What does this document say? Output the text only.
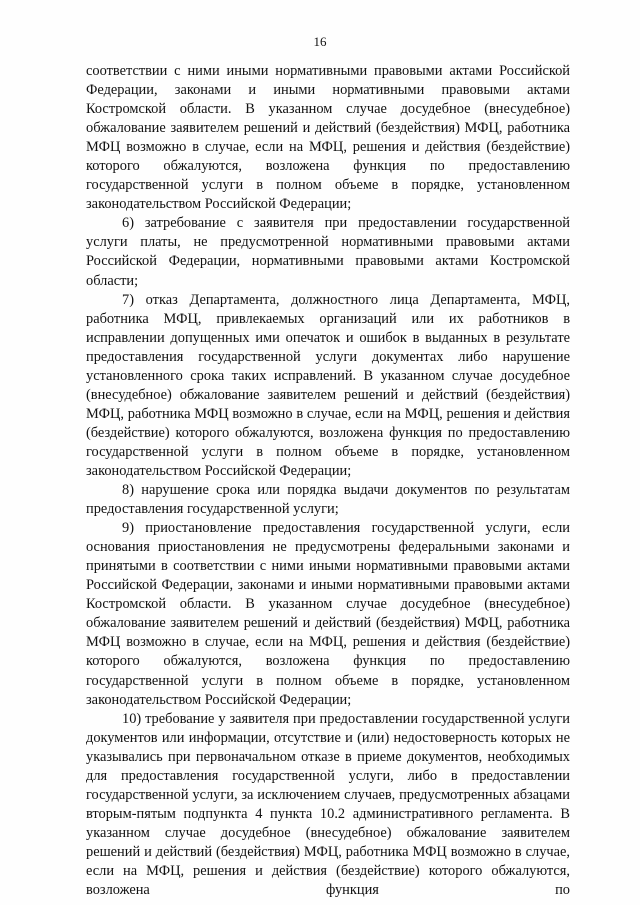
16

соответствии с ними иными нормативными правовыми актами Российской Федерации, законами и иными нормативными правовыми актами Костромской области. В указанном случае досудебное (внесудебное) обжалование заявителем решений и действий (бездействия) МФЦ, работника МФЦ возможно в случае, если на МФЦ, решения и действия (бездействие) которого обжалуются, возложена функция по предоставлению государственной услуги в полном объеме в порядке, установленном законодательством Российской Федерации;

6) затребование с заявителя при предоставлении государственной услуги платы, не предусмотренной нормативными правовыми актами Российской Федерации, нормативными правовыми актами Костромской области;

7) отказ Департамента, должностного лица Департамента, МФЦ, работника МФЦ, привлекаемых организаций или их работников в исправлении допущенных ими опечаток и ошибок в выданных в результате предоставления государственной услуги документах либо нарушение установленного срока таких исправлений. В указанном случае досудебное (внесудебное) обжалование заявителем решений и действий (бездействия) МФЦ, работника МФЦ возможно в случае, если на МФЦ, решения и действия (бездействие) которого обжалуются, возложена функция по предоставлению государственной услуги в полном объеме в порядке, установленном законодательством Российской Федерации;

8) нарушение срока или порядка выдачи документов по результатам предоставления государственной услуги;

9) приостановление предоставления государственной услуги, если основания приостановления не предусмотрены федеральными законами и принятыми в соответствии с ними иными нормативными правовыми актами Российской Федерации, законами и иными нормативными правовыми актами Костромской области. В указанном случае досудебное (внесудебное) обжалование заявителем решений и действий (бездействия) МФЦ, работника МФЦ возможно в случае, если на МФЦ, решения и действия (бездействие) которого обжалуются, возложена функция по предоставлению государственной услуги в полном объеме в порядке, установленном законодательством Российской Федерации;

10) требование у заявителя при предоставлении государственной услуги документов или информации, отсутствие и (или) недостоверность которых не указывались при первоначальном отказе в приеме документов, необходимых для предоставления государственной услуги, либо в предоставлении государственной услуги, за исключением случаев, предусмотренных абзацами вторым-пятым подпункта 4 пункта 10.2 административного регламента. В указанном случае досудебное (внесудебное) обжалование заявителем решений и действий (бездействия) МФЦ, работника МФЦ возможно в случае, если на МФЦ, решения и действия (бездействие) которого обжалуются, возложена функция по
